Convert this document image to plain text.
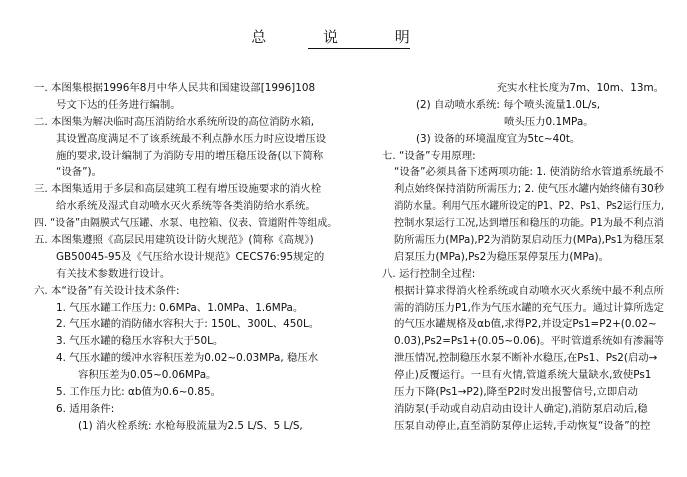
总 说 明
一. 本图集根据1996年8月中华人民共和国建设部[1996]108
号文下达的任务进行编制。
二. 本图集为解决临时高压消防给水系统所设的高位消防水箱,
其设置高度满足不了该系统最不利点静水压力时应设增压设
施的要求,设计编制了为消防专用的增压稳压设备(以下简称
“设备”)。
三. 本图集适用于多层和高层建筑工程有增压设施要求的消火栓
给水系统及湿式自动喷水灭火系统等各类消防给水系统。
四. “设备”由隔膜式气压罐、水泵、电控箱、仪表、管道附件等组成。
五. 本图集遵照《高层民用建筑设计防火规范》(简称《高规》)
GB50045-95及《气压给水设计规范》CECS76:95规定的
有关技术参数进行设计。
六. 本“设备”有关设计技术条件:
1. 气压水罐工作压力: 0.6MPa、1.0MPa、1.6MPa。
2. 气压水罐的消防储水容积大于: 150L、300L、450L。
3. 气压水罐的稳压水容积大于50L。
4. 气压水罐的缓冲水容积压差为0.02~0.03MPa, 稳压水
容积压差为0.05~0.06MPa。
5. 工作压力比: αb值为0.6~0.85。
6. 适用条件:
(1) 消火栓系统: 水枪每股流量为2.5 L/S、5 L/S,
充实水柱长度为7m、10m、13m。
(2) 自动喷水系统: 每个喷头流量1.0L/s,
喷头压力0.1MPa。
(3) 设备的环境温度宜为5tc~40t。
七. “设备”专用原理:
“设备”必须具备下述两项功能: 1. 使消防给水管道系统最不
利点始终保持消防所需压力; 2. 使气压水罐内始终储有30秒
消防水量。利用气压水罐所设定的P1、P2、Ps1、Ps2运行压力,
控制水泵运行工况,达到增压和稳压的功能。P1为最不利点消
防所需压力(MPa),P2为消防泵启动压力(MPa),Ps1为稳压泵
启泵压力(MPa),Ps2为稳压泵停泵压力(MPa)。
八. 运行控制全过程:
根据计算求得消火栓系统或自动喷水灭火系统中最不利点所
需的消防压力P1,作为气压水罐的充气压力。通过计算所选定
的气压水罐规格及αb值,求得P2,并设定Ps1=P2+(0.02~
0.03),Ps2=Ps1+(0.05~0.06)。平时管道系统如有渗漏等
泄压情况,控制稳压水泵不断补水稳压,在Ps1、Ps2(启动→
停止)反覆运行。一旦有火情,管道系统大量缺水,致使Ps1
压力下降(Ps1→P2),降至P2时发出报警信号,立即启动
消防泵(手动或自动启动由设计人确定),消防泵启动后,稳
压泵自动停止,直至消防泵停止运转,手动恢复“设备”的控
